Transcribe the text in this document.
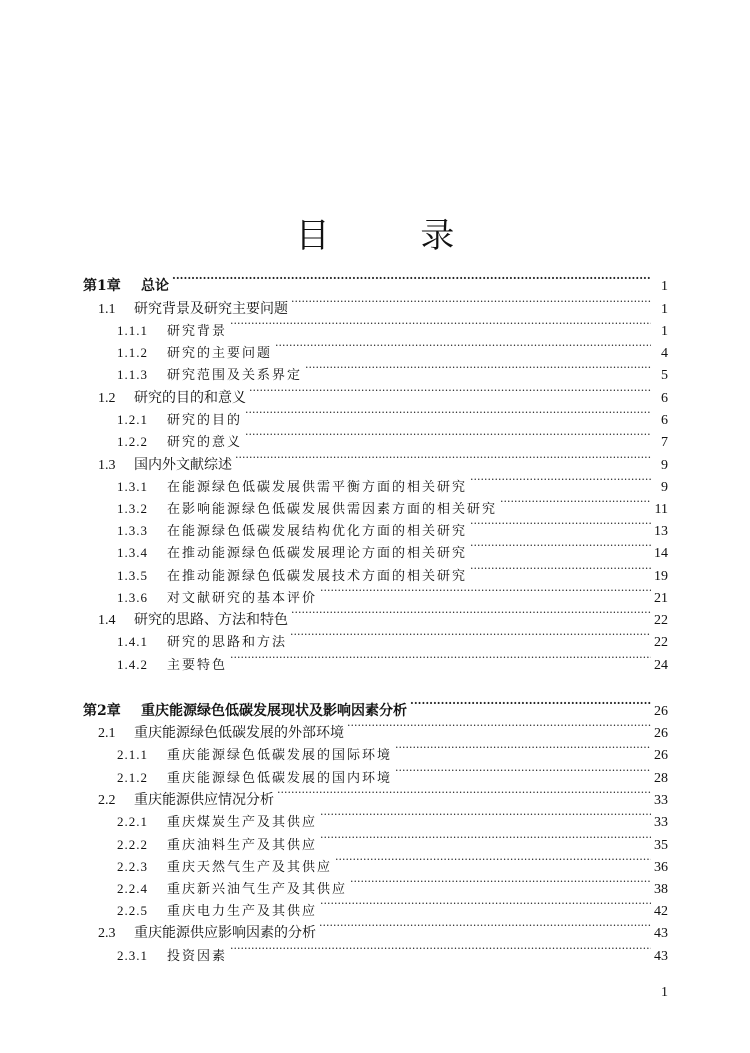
目 录
第1章	总论 ·····	1
1.1	研究背景及研究主要问题 ·····	1
1.1.1	研究背景 ·····	1
1.1.2	研究的主要问题 ·····	4
1.1.3	研究范围及关系界定 ·····	5
1.2	研究的目的和意义 ·····	6
1.2.1	研究的目的 ·····	6
1.2.2	研究的意义 ·····	7
1.3	国内外文献综述 ·····	9
1.3.1	在能源绿色低碳发展供需平衡方面的相关研究 ·····	9
1.3.2	在影响能源绿色低碳发展供需因素方面的相关研究 ·····	11
1.3.3	在能源绿色低碳发展结构优化方面的相关研究 ·····	13
1.3.4	在推动能源绿色低碳发展理论方面的相关研究 ·····	14
1.3.5	在推动能源绿色低碳发展技术方面的相关研究 ·····	19
1.3.6	对文献研究的基本评价 ·····	21
1.4	研究的思路、方法和特色 ·····	22
1.4.1	研究的思路和方法 ·····	22
1.4.2	主要特色 ·····	24
第2章	重庆能源绿色低碳发展现状及影响因素分析 ·····	26
2.1	重庆能源绿色低碳发展的外部环境 ·····	26
2.1.1	重庆能源绿色低碳发展的国际环境 ·····	26
2.1.2	重庆能源绿色低碳发展的国内环境 ·····	28
2.2	重庆能源供应情况分析 ·····	33
2.2.1	重庆煤炭生产及其供应 ·····	33
2.2.2	重庆油料生产及其供应 ·····	35
2.2.3	重庆天然气生产及其供应 ·····	36
2.2.4	重庆新兴油气生产及其供应 ·····	38
2.2.5	重庆电力生产及其供应 ·····	42
2.3	重庆能源供应影响因素的分析 ·····	43
2.3.1	投资因素 ·····	43
1
